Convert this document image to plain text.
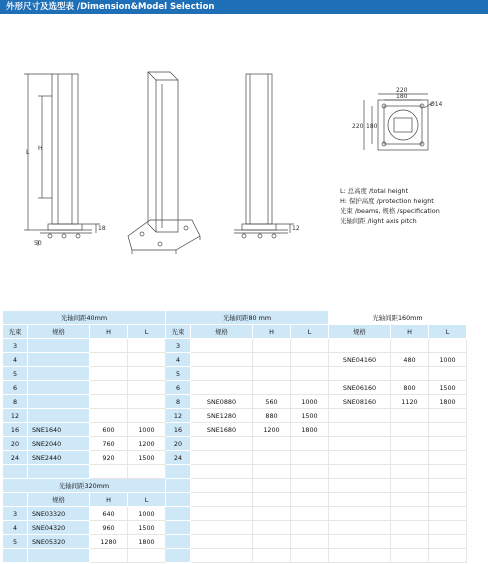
外形尺寸及选型表 /Dimension&Model Selection
L
H
50
18	12
220
180
220 180
Ø14
L: 总高度 /total height
H: 保护高度 /protection height
光束 /beams, 规格 /specification
光轴间距 /light axis pitch
光轴间距40mm				光轴间距80 mm				光轴间距160mm		
光束	规格	H	L	光束	规格	H	L	规格	H	L
3				3						
4				4				SNE04160	480	1000
5				5						
6				6				SNE06160	800	1500
8				8	SNE0880	560	1000	SNE08160	1120	1800
12				12	SNE1280	880	1500			
16	SNE1640	600	1000	16	SNE1680	1200	1800			
20	SNE2040	760	1200	20						
24	SNE2440	920	1500	24						

光轴间距320mm										
	规格	H	L							
3	SNE03320	640	1000							
4	SNE04320	960	1500							
5	SNE05320	1280	1800							
